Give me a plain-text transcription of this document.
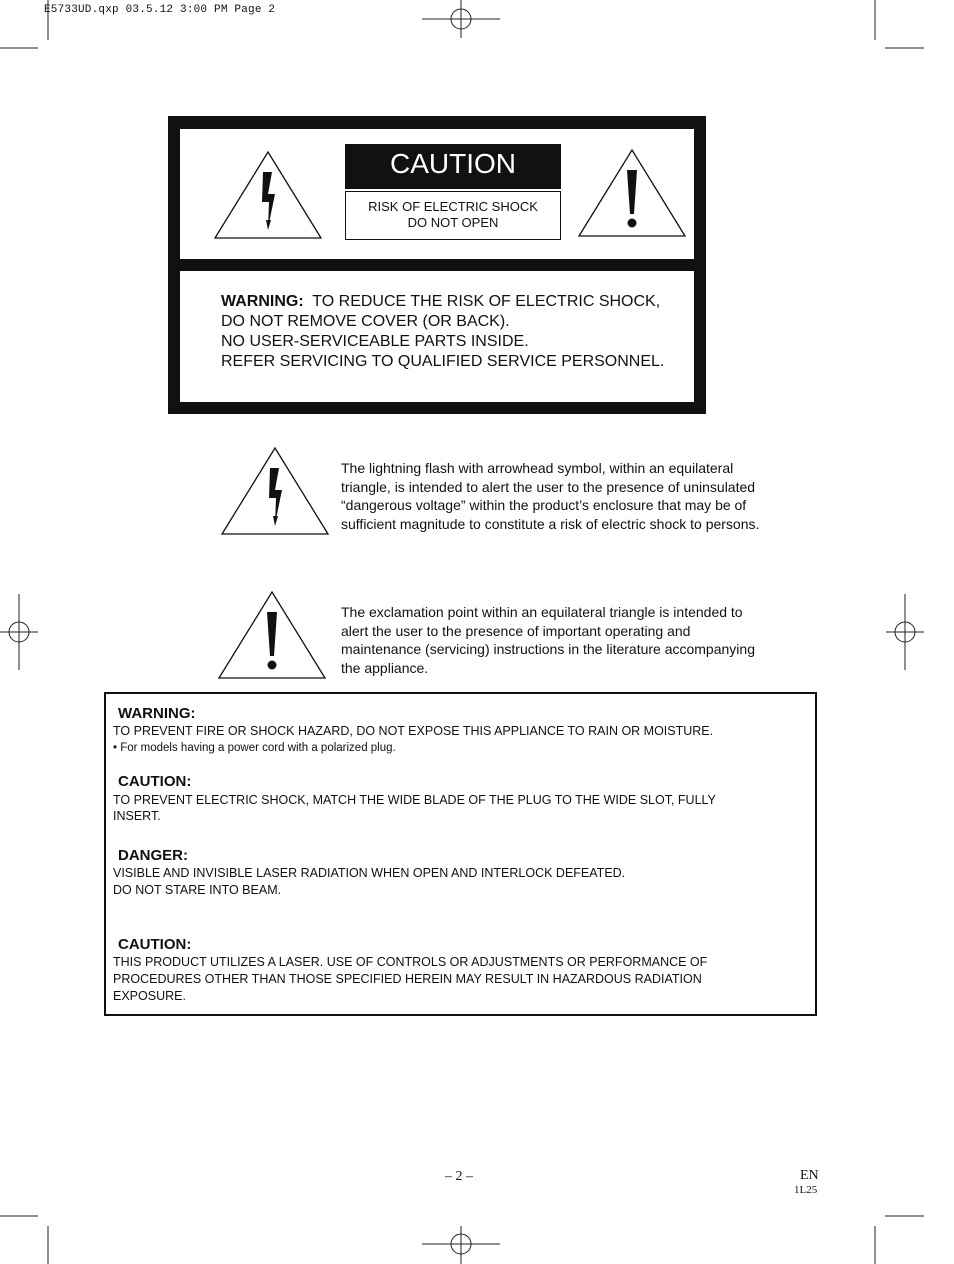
E5733UD.qxp 03.5.12 3:00 PM Page 2
CAUTION
RISK OF ELECTRIC SHOCK
DO NOT OPEN
WARNING: TO REDUCE THE RISK OF ELECTRIC SHOCK,
DO NOT REMOVE COVER (OR BACK).
NO USER-SERVICEABLE PARTS INSIDE.
REFER SERVICING TO QUALIFIED SERVICE PERSONNEL.
The lightning flash with arrowhead symbol, within an equilateral
triangle, is intended to alert the user to the presence of uninsulated
“dangerous voltage” within the product’s enclosure that may be of
sufficient magnitude to constitute a risk of electric shock to persons.
The exclamation point within an equilateral triangle is intended to
alert the user to the presence of important operating and
maintenance (servicing) instructions in the literature accompanying
the appliance.
WARNING:
TO PREVENT FIRE OR SHOCK HAZARD, DO NOT EXPOSE THIS APPLIANCE TO RAIN OR MOISTURE.
• For models having a power cord with a polarized plug.
CAUTION:
TO PREVENT ELECTRIC SHOCK, MATCH THE WIDE BLADE OF THE PLUG TO THE WIDE SLOT, FULLY
INSERT.
DANGER:
VISIBLE AND INVISIBLE LASER RADIATION WHEN OPEN AND INTERLOCK DEFEATED.
DO NOT STARE INTO BEAM.
CAUTION:
THIS PRODUCT UTILIZES A LASER. USE OF CONTROLS OR ADJUSTMENTS OR PERFORMANCE OF
PROCEDURES OTHER THAN THOSE SPECIFIED HEREIN MAY RESULT IN HAZARDOUS RADIATION
EXPOSURE.
– 2 –	EN
1L25
